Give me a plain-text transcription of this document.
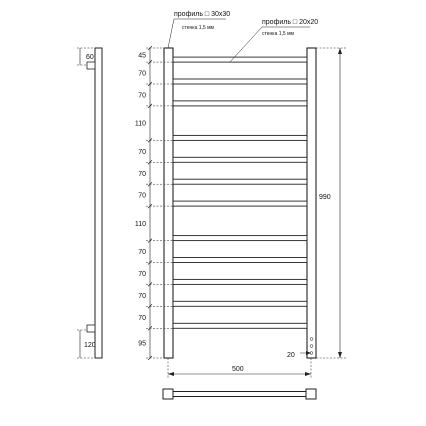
60
120
45
70
70
110
70
70
70
110
70
70
70
70
95
990
500
20
профиль □ 30x30
стенка 1,5 мм
профиль □ 20x20
стенка 1,5 мм
